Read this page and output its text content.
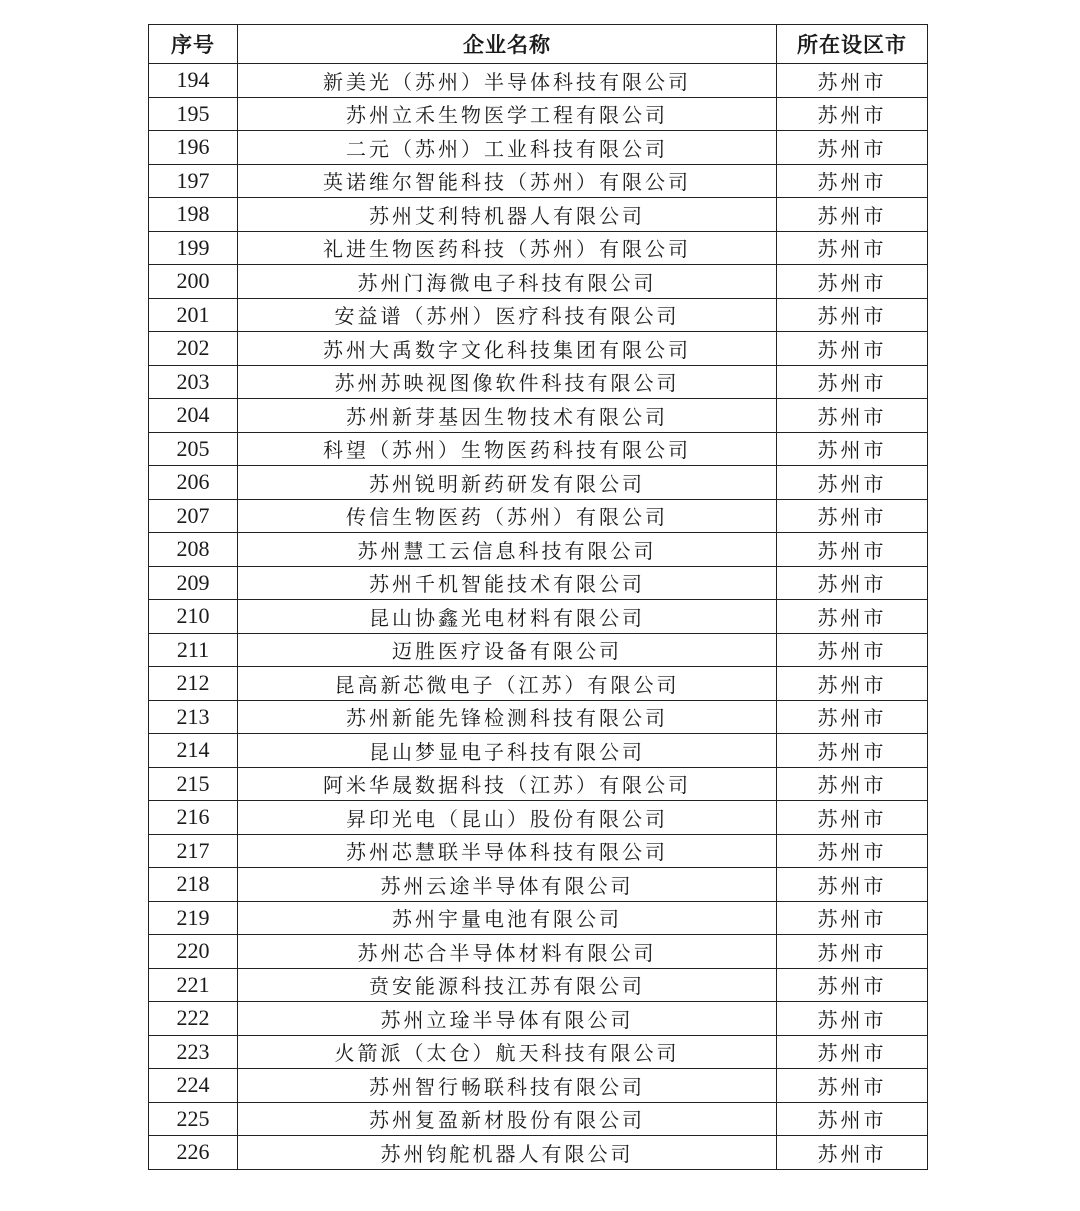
序号	企业名称	所在设区市
194	新美光（苏州）半导体科技有限公司	苏州市
195	苏州立禾生物医学工程有限公司	苏州市
196	二元（苏州）工业科技有限公司	苏州市
197	英诺维尔智能科技（苏州）有限公司	苏州市
198	苏州艾利特机器人有限公司	苏州市
199	礼进生物医药科技（苏州）有限公司	苏州市
200	苏州门海微电子科技有限公司	苏州市
201	安益谱（苏州）医疗科技有限公司	苏州市
202	苏州大禹数字文化科技集团有限公司	苏州市
203	苏州苏映视图像软件科技有限公司	苏州市
204	苏州新芽基因生物技术有限公司	苏州市
205	科望（苏州）生物医药科技有限公司	苏州市
206	苏州锐明新药研发有限公司	苏州市
207	传信生物医药（苏州）有限公司	苏州市
208	苏州慧工云信息科技有限公司	苏州市
209	苏州千机智能技术有限公司	苏州市
210	昆山协鑫光电材料有限公司	苏州市
211	迈胜医疗设备有限公司	苏州市
212	昆高新芯微电子（江苏）有限公司	苏州市
213	苏州新能先锋检测科技有限公司	苏州市
214	昆山梦显电子科技有限公司	苏州市
215	阿米华晟数据科技（江苏）有限公司	苏州市
216	昇印光电（昆山）股份有限公司	苏州市
217	苏州芯慧联半导体科技有限公司	苏州市
218	苏州云途半导体有限公司	苏州市
219	苏州宇量电池有限公司	苏州市
220	苏州芯合半导体材料有限公司	苏州市
221	贲安能源科技江苏有限公司	苏州市
222	苏州立琻半导体有限公司	苏州市
223	火箭派（太仓）航天科技有限公司	苏州市
224	苏州智行畅联科技有限公司	苏州市
225	苏州复盈新材股份有限公司	苏州市
226	苏州钧舵机器人有限公司	苏州市
